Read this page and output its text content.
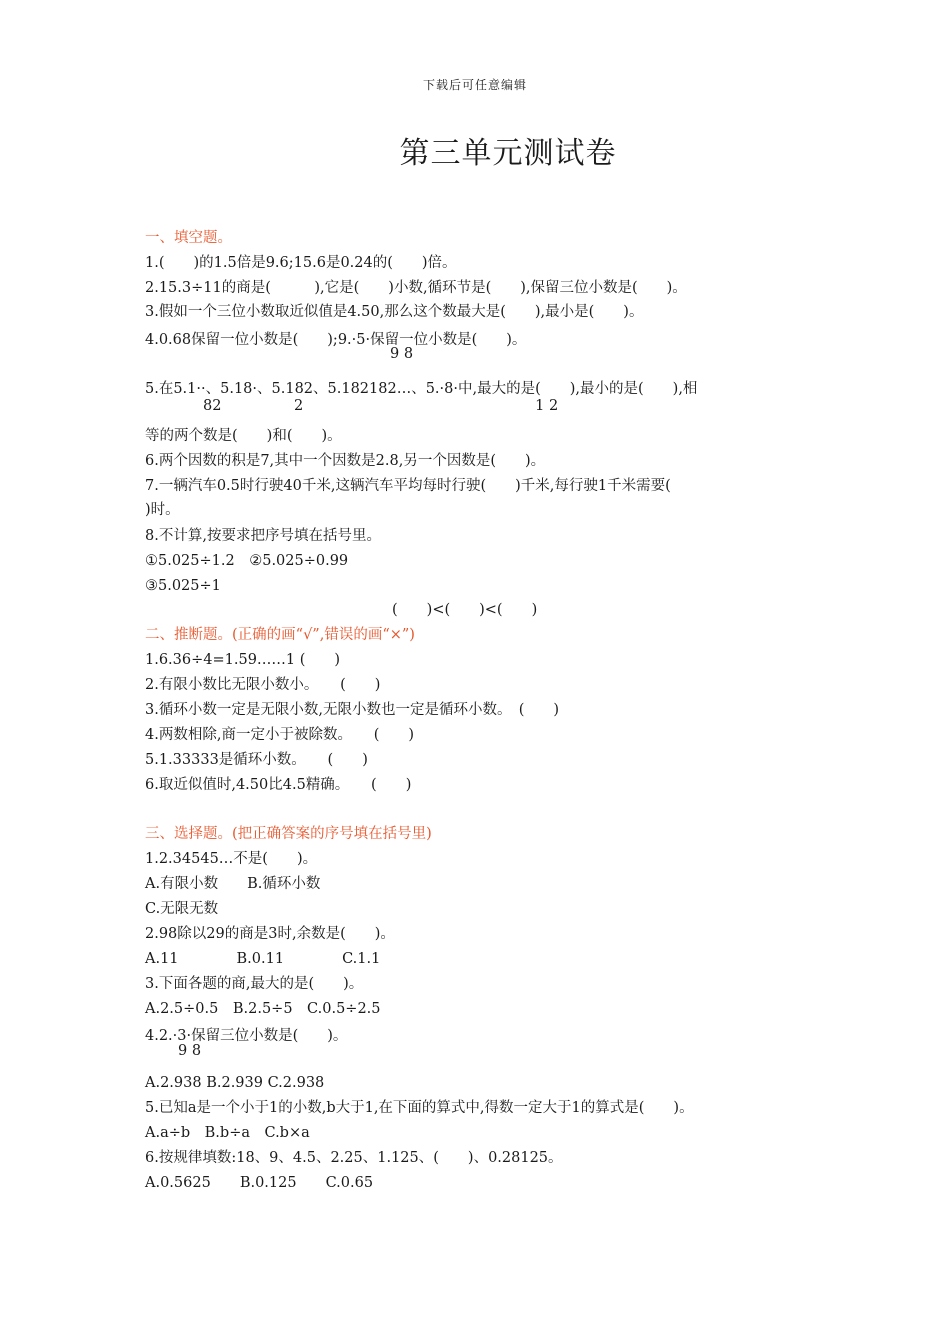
下载后可任意编辑
第三单元测试卷
一、填空题。
1.(　　)的1.5倍是9.6;15.6是0.24的(　　)倍。
2.15.3÷11的商是(　　　),它是(　　)小数,循环节是(　　),保留三位小数是(　　)。
3.假如一个三位小数取近似值是4.50,那么这个数最大是(　　),最小是(　　)。
4.0.68保留一位小数是(　　);9.·5·保留一位小数是(　　)。
9 8
5.在5.1··、5.18·、5.182、5.182182…、5.·8·中,最大的是(　　),最小的是(　　),相
82　　　　　2　　　　　　　　　　　　　　　　1 2
等的两个数是(　　)和(　　)。
6.两个因数的积是7,其中一个因数是2.8,另一个因数是(　　)。
7.一辆汽车0.5时行驶40千米,这辆汽车平均每时行驶(　　)千米,每行驶1千米需要(
)时。
8.不计算,按要求把序号填在括号里。
①5.025÷1.2　②5.025÷0.99
③5.025÷1
(　　)<(　　)<(　　)
二、推断题。(正确的画“√”,错误的画“×”)
1.6.36÷4=1.59……1 (　　)
2.有限小数比无限小数小。　　(　　)
3.循环小数一定是无限小数,无限小数也一定是循环小数。　(　　)
4.两数相除,商一定小于被除数。　　(　　)
5.1.33333是循环小数。　　(　　)
6.取近似值时,4.50比4.5精确。　　(　　)
三、选择题。(把正确答案的序号填在括号里)
1.2.34545…不是(　　)。
A.有限小数　　B.循环小数
C.无限无数
2.98除以29的商是3时,余数是(　　)。
A.11　　　　B.0.11　　　　C.1.1
3.下面各题的商,最大的是(　　)。
A.2.5÷0.5　B.2.5÷5　C.0.5÷2.5
4.2.·3·保留三位小数是(　　)。
9 8
A.2.938 B.2.939 C.2.938
5.已知a是一个小于1的小数,b大于1,在下面的算式中,得数一定大于1的算式是(　　)。
A.a÷b　B.b÷a　C.b×a
6.按规律填数:18、9、4.5、2.25、1.125、(　　)、0.28125。
A.0.5625　　B.0.125　　C.0.65
